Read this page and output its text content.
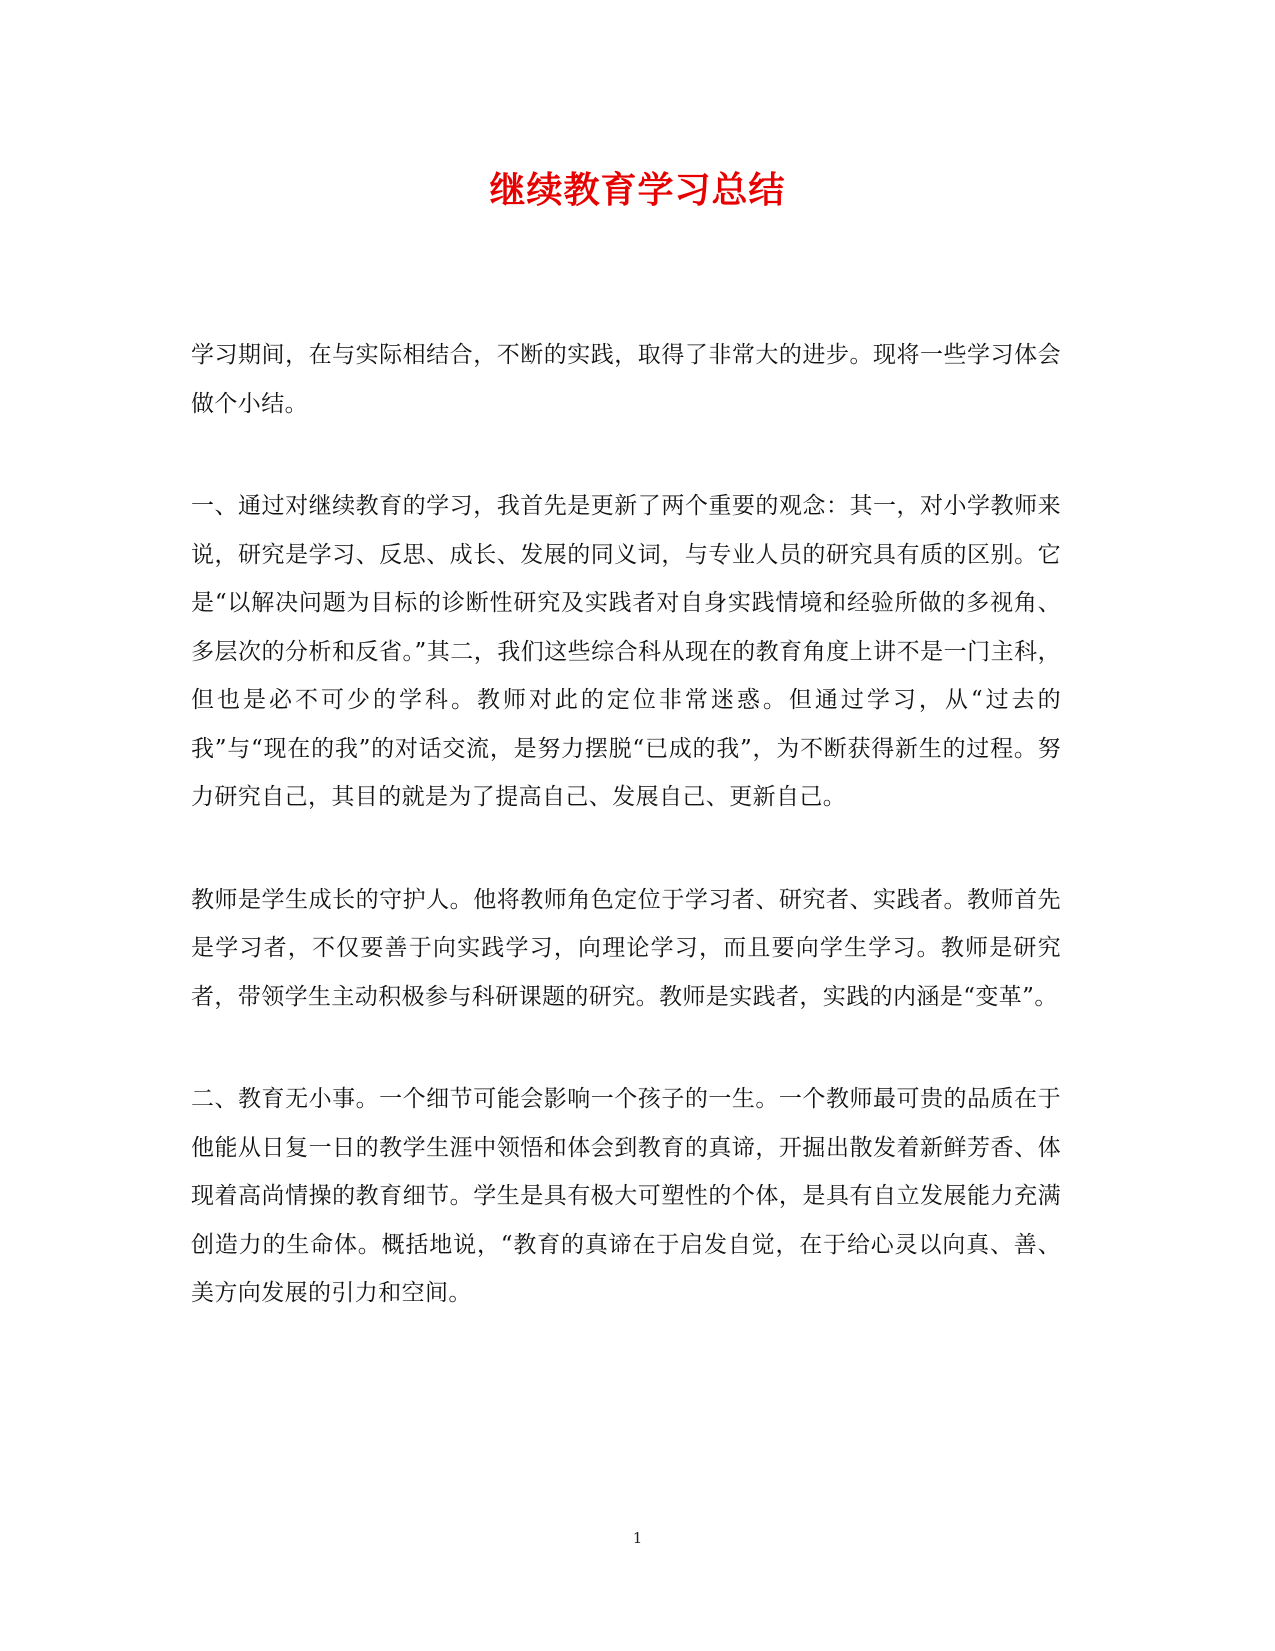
继续教育学习总结

学习期间，在与实际相结合，不断的实践，取得了非常大的进步。现将一些学习体会做个小结。

一、通过对继续教育的学习，我首先是更新了两个重要的观念：其一，对小学教师来说，研究是学习、反思、成长、发展的同义词，与专业人员的研究具有质的区别。它是“以解决问题为目标的诊断性研究及实践者对自身实践情境和经验所做的多视角、多层次的分析和反省。”其二，我们这些综合科从现在的教育角度上讲不是一门主科，但也是必不可少的学科。教师对此的定位非常迷惑。但通过学习，从“过去的我”与“现在的我”的对话交流，是努力摆脱“已成的我”，为不断获得新生的过程。努力研究自己，其目的就是为了提高自己、发展自己、更新自己。

教师是学生成长的守护人。他将教师角色定位于学习者、研究者、实践者。教师首先是学习者，不仅要善于向实践学习，向理论学习，而且要向学生学习。教师是研究者，带领学生主动积极参与科研课题的研究。教师是实践者，实践的内涵是“变革”。

二、教育无小事。一个细节可能会影响一个孩子的一生。一个教师最可贵的品质在于他能从日复一日的教学生涯中领悟和体会到教育的真谛，开掘出散发着新鲜芳香、体现着高尚情操的教育细节。学生是具有极大可塑性的个体，是具有自立发展能力充满创造力的生命体。概括地说，“教育的真谛在于启发自觉，在于给心灵以向真、善、美方向发展的引力和空间。

1
